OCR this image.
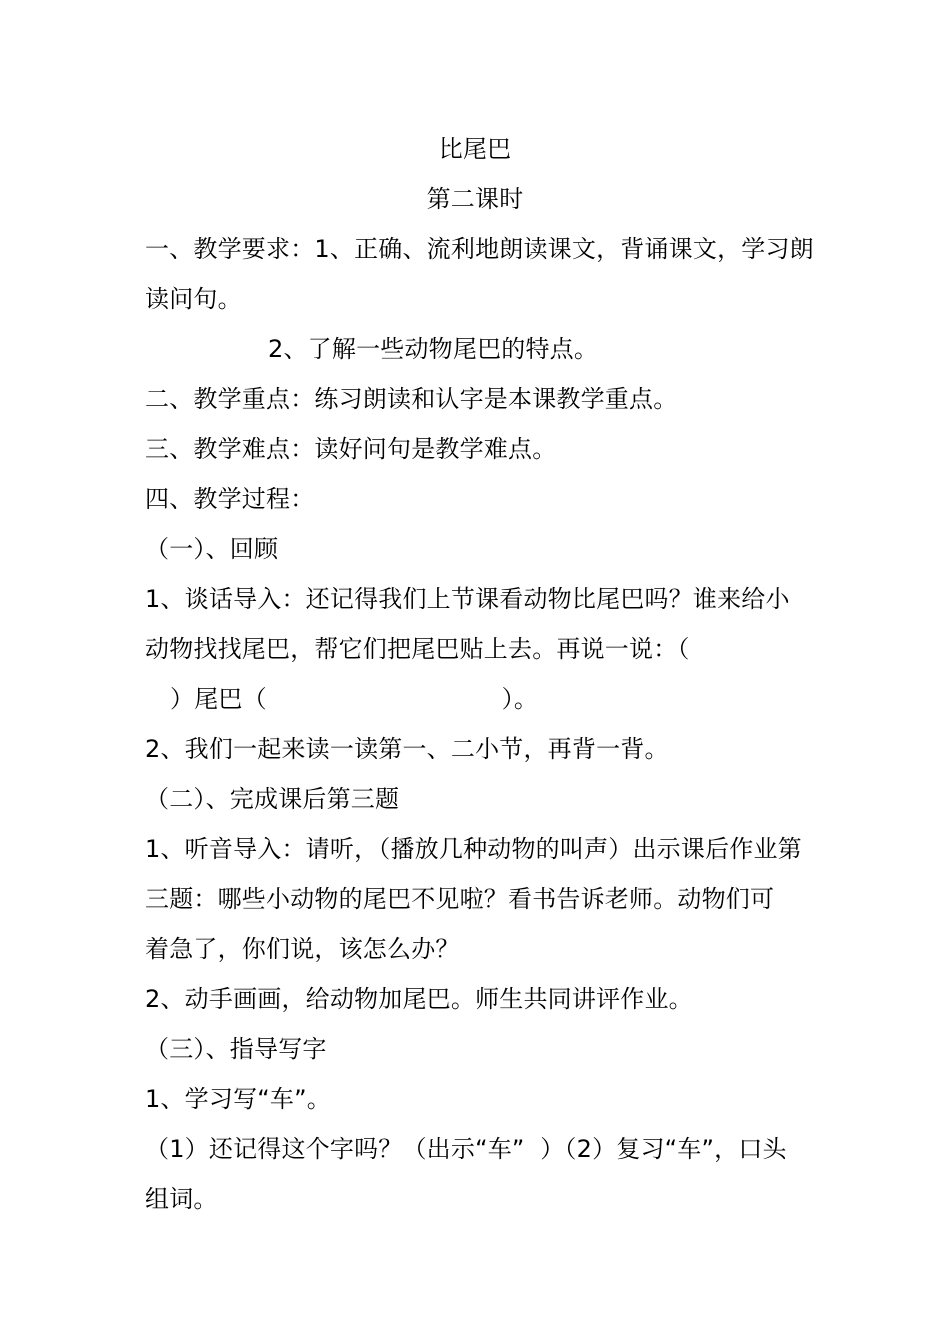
比尾巴
第二课时
一、教学要求：1、正确、流利地朗读课文，背诵课文，学习朗
读问句。
2、了解一些动物尾巴的特点。
二、教学重点：练习朗读和认字是本课教学重点。
三、教学难点：读好问句是教学难点。
四、教学过程：
（一）、回顾
1、谈话导入：还记得我们上节课看动物比尾巴吗？谁来给小
动物找找尾巴，帮它们把尾巴贴上去。再说一说：（
）尾巴（                              ）。
2、我们一起来读一读第一、二小节，再背一背。
（二）、完成课后第三题
1、听音导入：请听，（播放几种动物的叫声）出示课后作业第
三题：哪些小动物的尾巴不见啦？看书告诉老师。动物们可
着急了，你们说，该怎么办？
2、动手画画，给动物加尾巴。师生共同讲评作业。
（三）、指导写字
1、学习写“车”。
（1）还记得这个字吗？（出示“车”  ）（2）复习“车”，口头
组词。
